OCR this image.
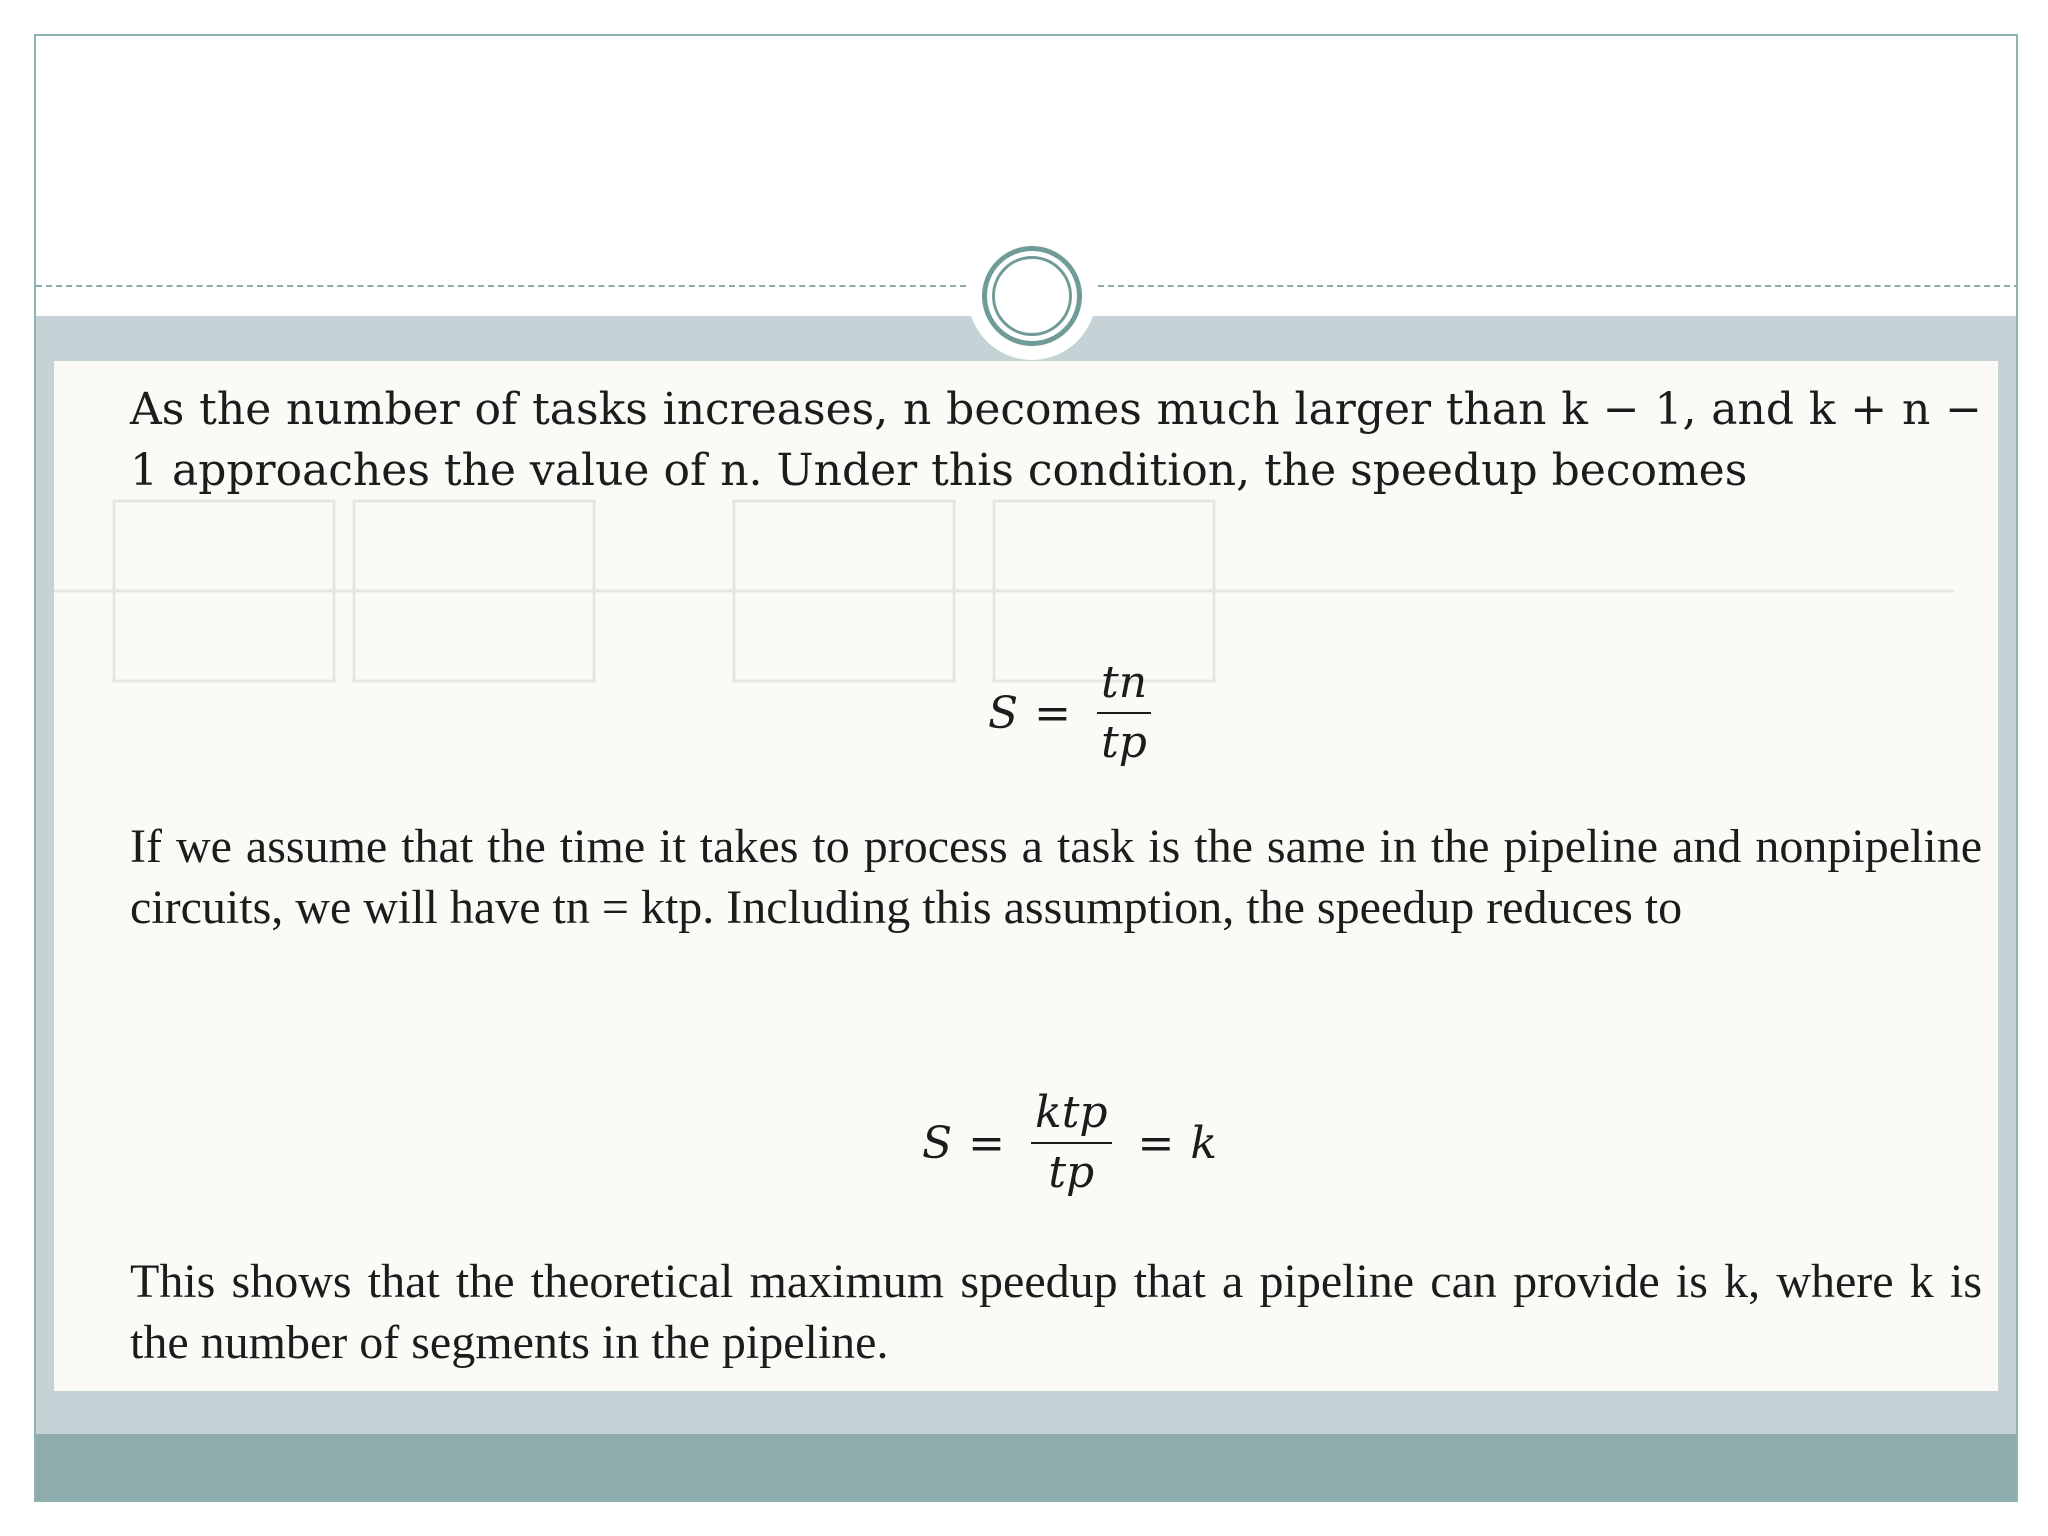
As the number of tasks increases, n becomes much larger than k − 1, and k + n − 1 approaches the value of n. Under this condition, the speedup becomes
$S = \frac{tn}{tp}$
If we assume that the time it takes to process a task is the same in the pipeline and nonpipeline circuits, we will have tn = ktp. Including this assumption, the speedup reduces to
$S = \frac{\text{ktp}}{tp} = k$
This shows that the theoretical maximum speedup that a pipeline can provide is k, where k is the number of segments in the pipeline.
